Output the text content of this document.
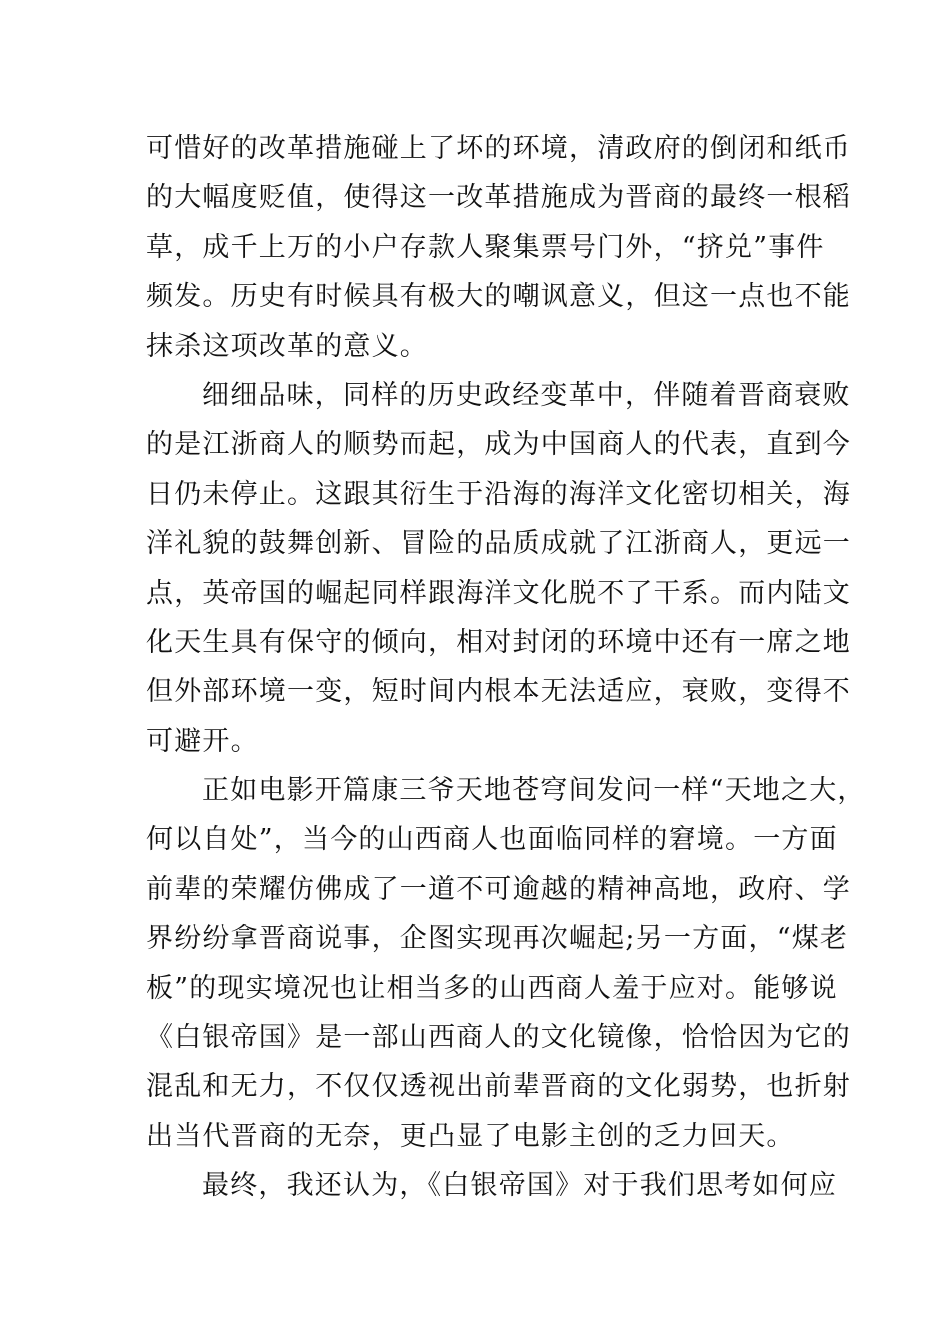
可惜好的改革措施碰上了坏的环境，清政府的倒闭和纸币
的大幅度贬值，使得这一改革措施成为晋商的最终一根稻
草，成千上万的小户存款人聚集票号门外，“挤兑”事件
频发。历史有时候具有极大的嘲讽意义，但这一点也不能
抹杀这项改革的意义。
细细品味，同样的历史政经变革中，伴随着晋商衰败
的是江浙商人的顺势而起，成为中国商人的代表，直到今
日仍未停止。这跟其衍生于沿海的海洋文化密切相关，海
洋礼貌的鼓舞创新、冒险的品质成就了江浙商人，更远一
点，英帝国的崛起同样跟海洋文化脱不了干系。而内陆文
化天生具有保守的倾向，相对封闭的环境中还有一席之地
但外部环境一变，短时间内根本无法适应，衰败，变得不
可避开。
正如电影开篇康三爷天地苍穹间发问一样“天地之大，
何以自处”，当今的山西商人也面临同样的窘境。一方面
前辈的荣耀仿佛成了一道不可逾越的精神高地，政府、学
界纷纷拿晋商说事，企图实现再次崛起;另一方面，“煤老
板”的现实境况也让相当多的山西商人羞于应对。能够说
《白银帝国》是一部山西商人的文化镜像，恰恰因为它的
混乱和无力，不仅仅透视出前辈晋商的文化弱势，也折射
出当代晋商的无奈，更凸显了电影主创的乏力回天。
最终，我还认为，《白银帝国》对于我们思考如何应
